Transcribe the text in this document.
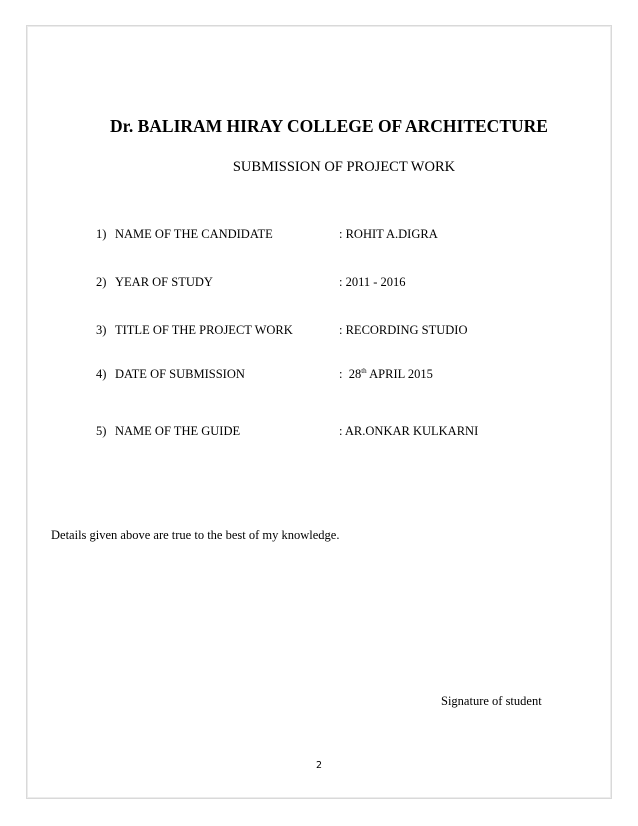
Dr. BALIRAM HIRAY COLLEGE OF ARCHITECTURE
SUBMISSION OF PROJECT WORK
1) NAME OF THE CANDIDATE	: ROHIT A.DIGRA
2) YEAR OF STUDY	: 2011 - 2016
3) TITLE OF THE PROJECT WORK	: RECORDING STUDIO
4) DATE OF SUBMISSION	:  28th APRIL 2015
5) NAME OF THE GUIDE	: AR.ONKAR KULKARNI
Details given above are true to the best of my knowledge.
Signature of student
2
